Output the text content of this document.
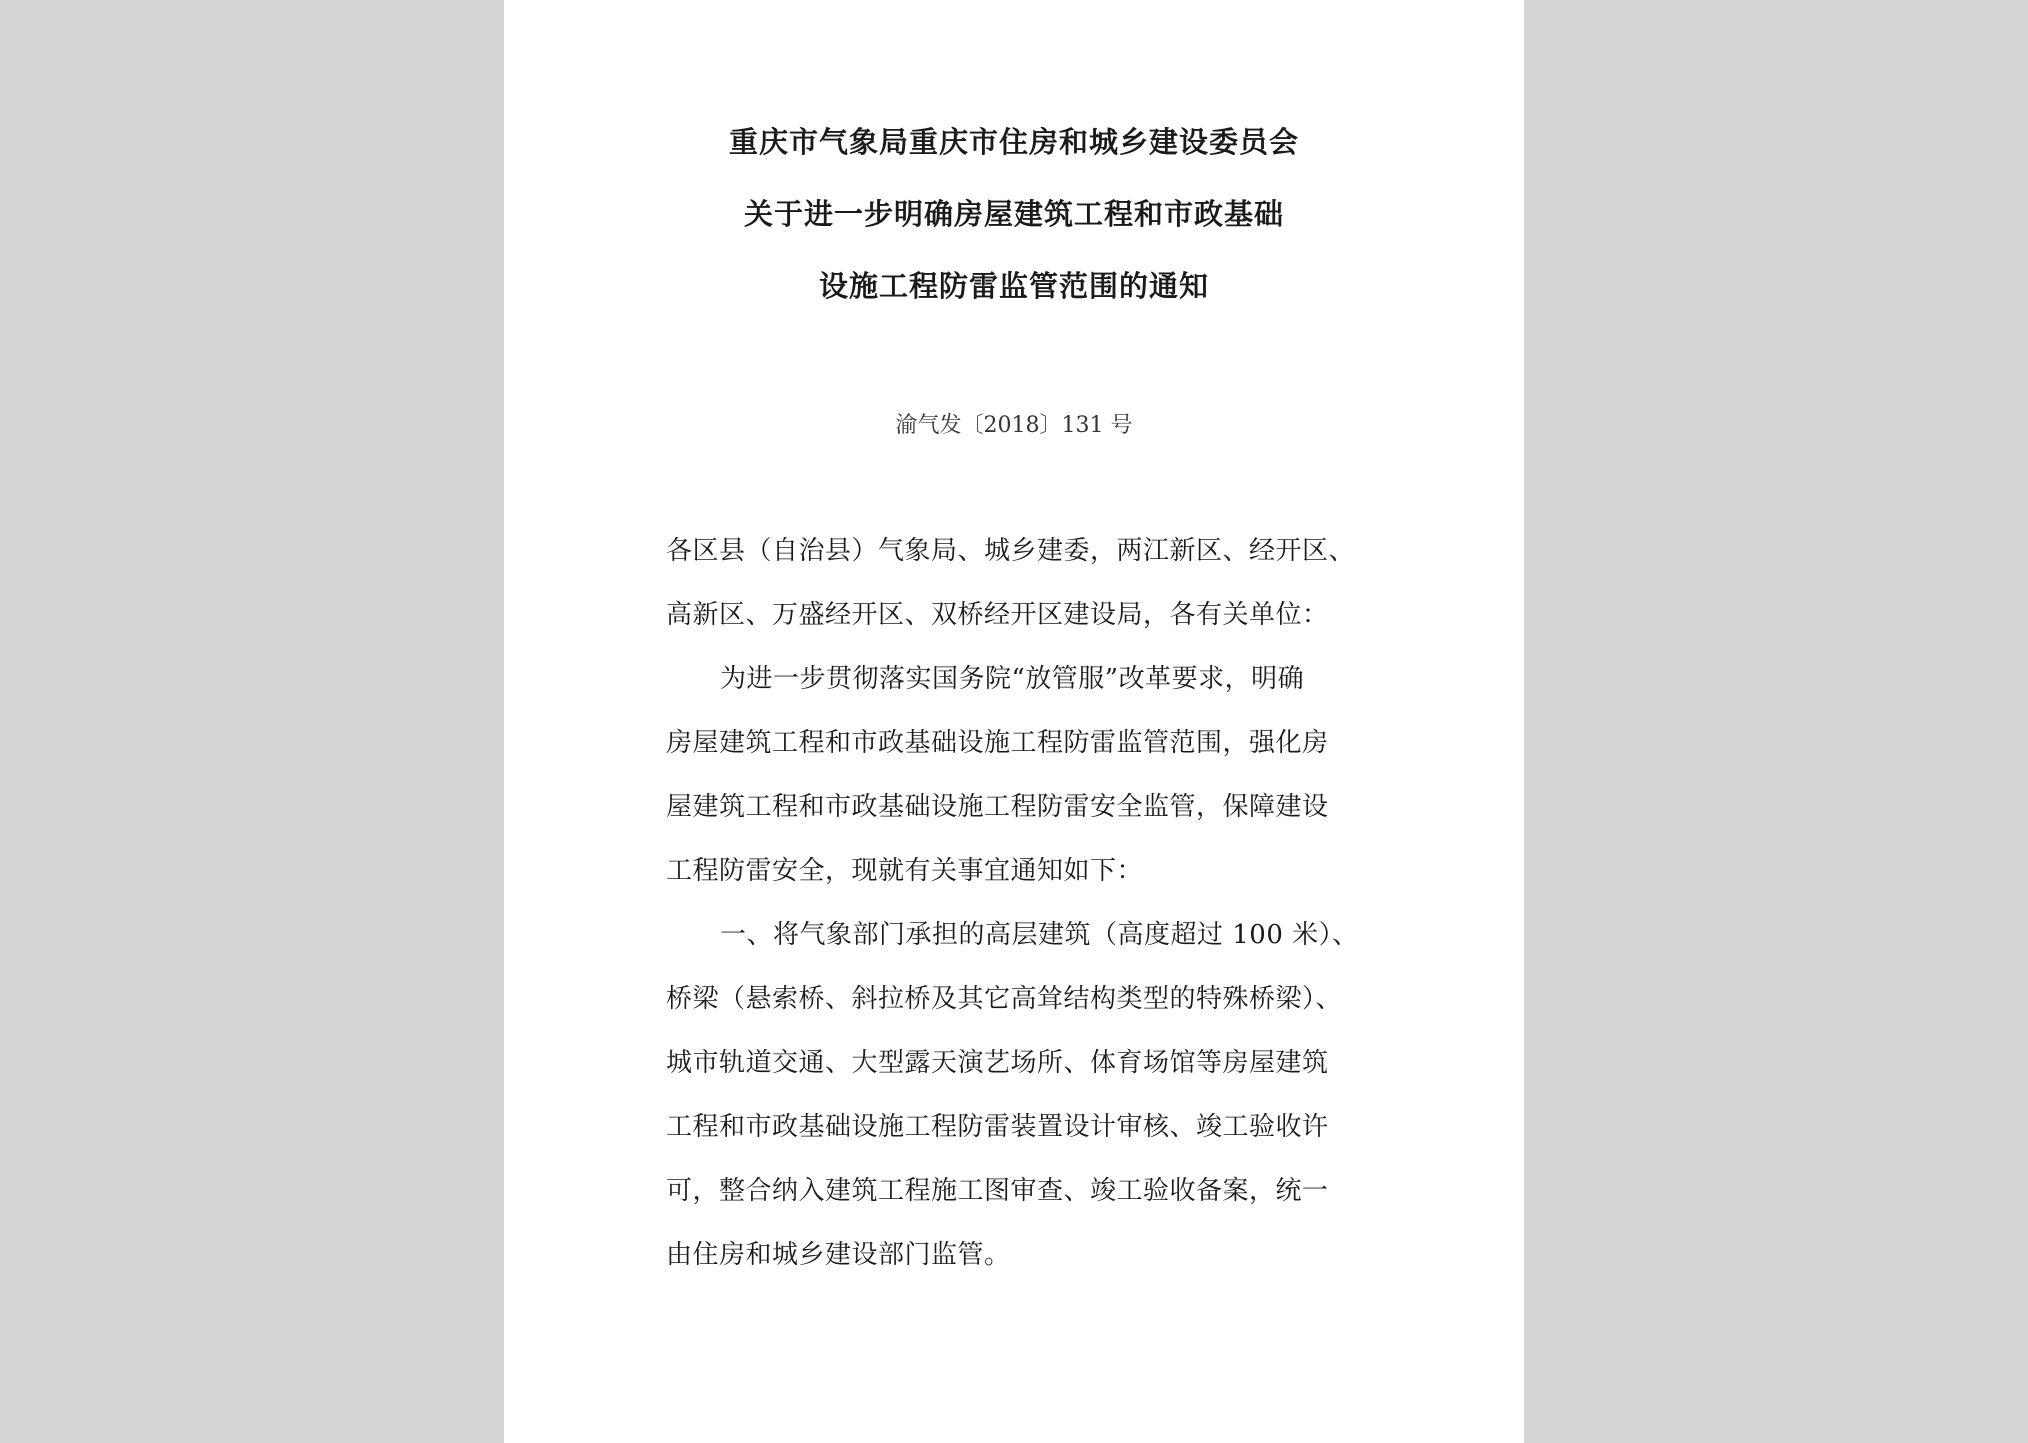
重庆市气象局重庆市住房和城乡建设委员会
关于进一步明确房屋建筑工程和市政基础
设施工程防雷监管范围的通知
渝气发〔2018〕131 号
各区县（自治县）气象局、城乡建委，两江新区、经开区、
高新区、万盛经开区、双桥经开区建设局，各有关单位：
为进一步贯彻落实国务院“放管服”改革要求，明确
房屋建筑工程和市政基础设施工程防雷监管范围，强化房
屋建筑工程和市政基础设施工程防雷安全监管，保障建设
工程防雷安全，现就有关事宜通知如下：
一、将气象部门承担的高层建筑（高度超过 100 米）、
桥梁（悬索桥、斜拉桥及其它高耸结构类型的特殊桥梁）、
城市轨道交通、大型露天演艺场所、体育场馆等房屋建筑
工程和市政基础设施工程防雷装置设计审核、竣工验收许
可，整合纳入建筑工程施工图审查、竣工验收备案，统一
由住房和城乡建设部门监管。
